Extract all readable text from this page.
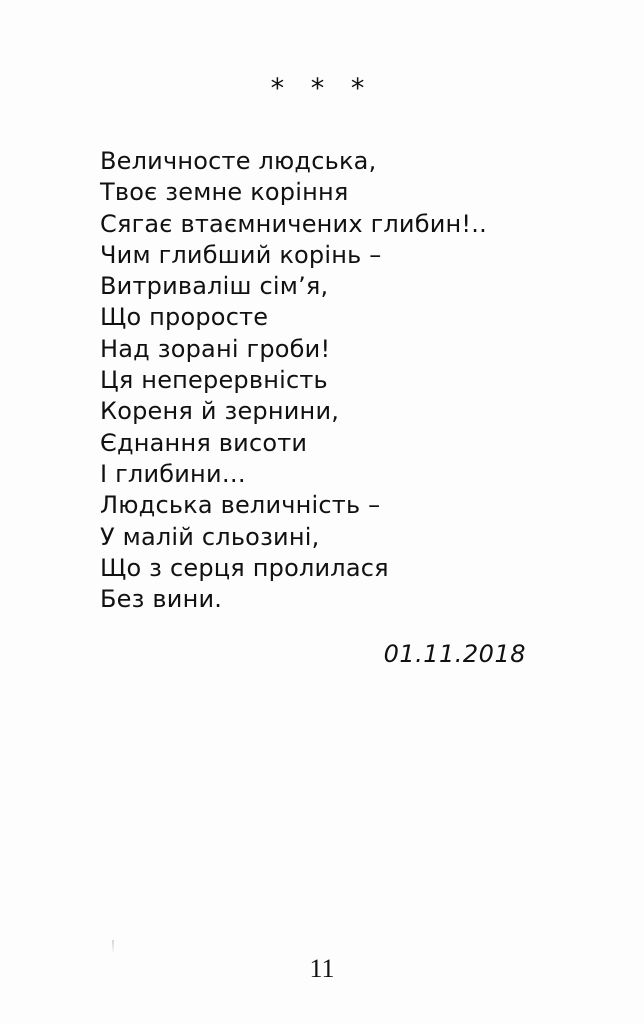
* * *
Величносте людська,
Твоє земне коріння
Сягає втаємничених глибин!..
Чим глибший корінь –
Витриваліш сім’я,
Що проросте
Над зорані гроби!
Ця неперервність
Кореня й зернини,
Єднання висоти
І глибини…
Людська величність –
У малій сльозині,
Що з серця пролилася
Без вини.
01.11.2018
11
